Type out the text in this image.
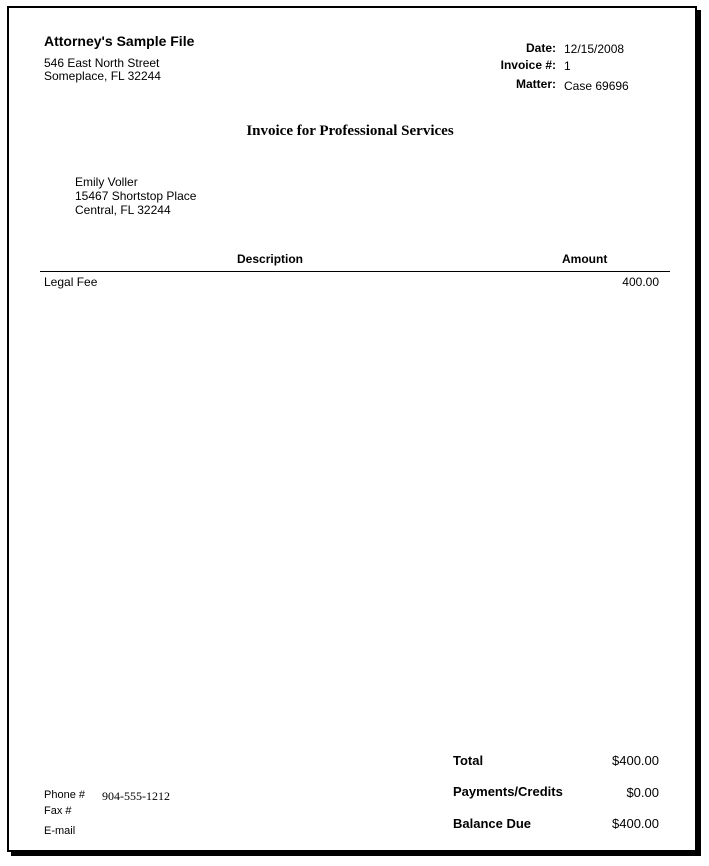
Attorney's Sample File
546 East North Street
Someplace, FL 32244
Date: 12/15/2008
Invoice #: 1
Matter: Case 69696
Invoice for Professional Services
Emily Voller
15467 Shortstop Place
Central, FL 32244
Description	Amount
Legal Fee	400.00
Phone # 904-555-1212
Fax #
E-mail
Total	$400.00
Payments/Credits	$0.00
Balance Due	$400.00
